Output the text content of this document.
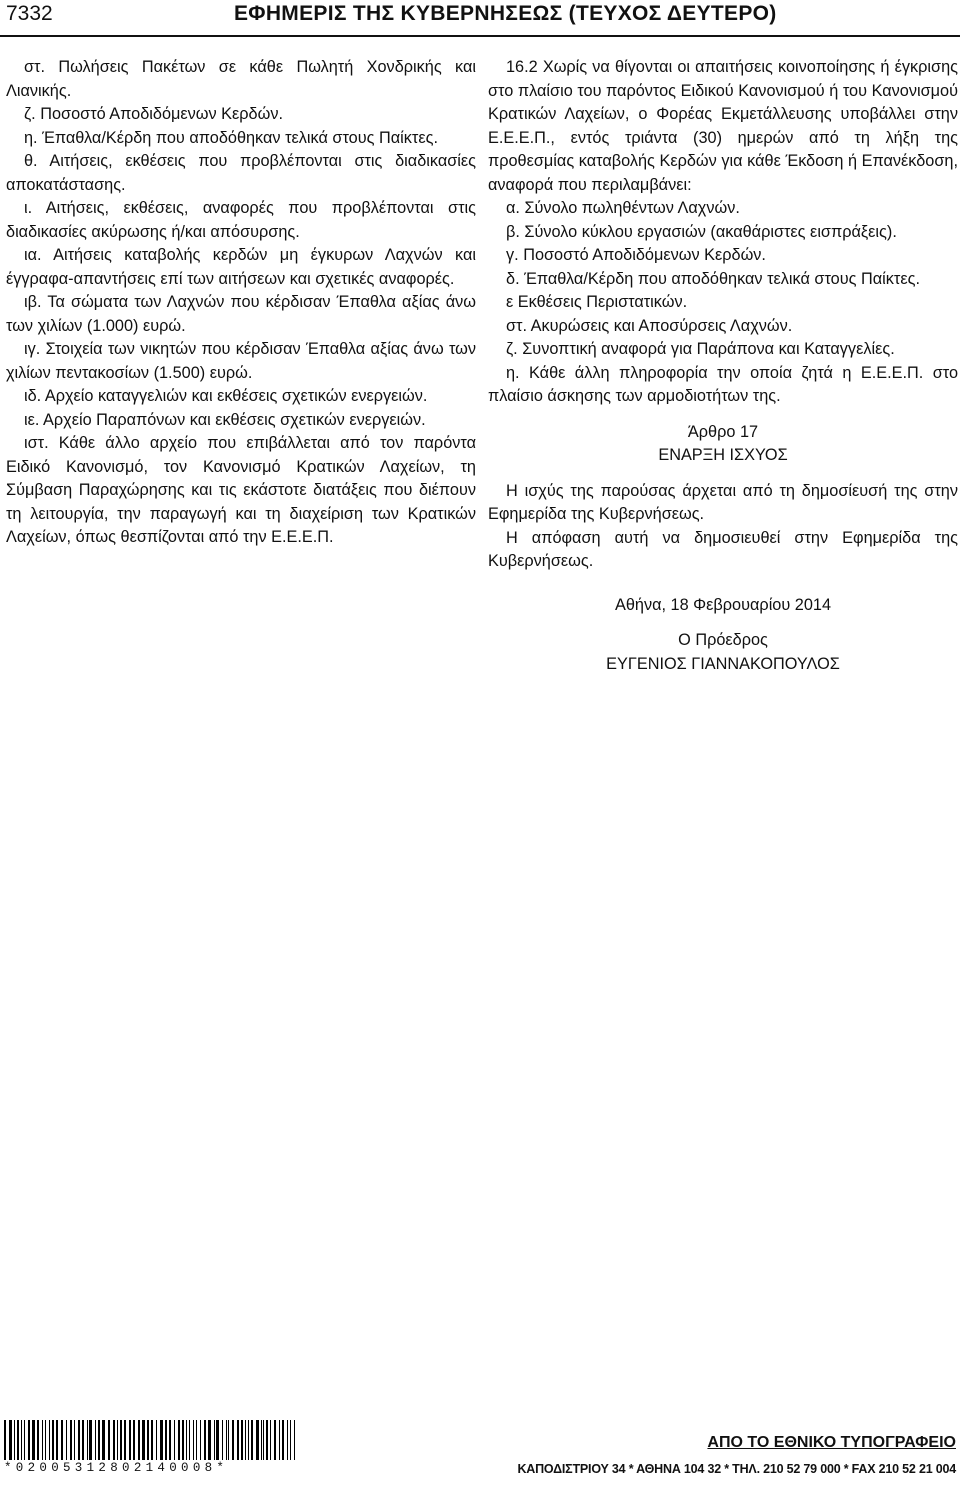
7332	ΕΦΗΜΕΡΙΣ ΤΗΣ ΚΥΒΕΡΝΗΣΕΩΣ (ΤΕΥΧΟΣ ΔΕΥΤΕΡΟ)

στ. Πωλήσεις Πακέτων σε κάθε Πωλητή Χονδρικής και Λιανικής.

ζ. Ποσοστό Αποδιδόμενων Κερδών.

η. Έπαθλα/Κέρδη που αποδόθηκαν τελικά στους Παίκτες.

θ. Αιτήσεις, εκθέσεις που προβλέπονται στις διαδικασίες αποκατάστασης.

ι. Αιτήσεις, εκθέσεις, αναφορές που προβλέπονται στις διαδικασίες ακύρωσης ή/και απόσυρσης.

ια. Αιτήσεις καταβολής κερδών μη έγκυρων Λαχνών και έγγραφα-απαντήσεις επί των αιτήσεων και σχετικές αναφορές.

ιβ. Τα σώματα των Λαχνών που κέρδισαν Έπαθλα αξίας άνω των χιλίων (1.000) ευρώ.

ιγ. Στοιχεία των νικητών που κέρδισαν Έπαθλα αξίας άνω των χιλίων πεντακοσίων (1.500) ευρώ.

ιδ. Αρχείο καταγγελιών και εκθέσεις σχετικών ενεργειών.

ιε. Αρχείο Παραπόνων και εκθέσεις σχετικών ενεργειών.

ιστ. Κάθε άλλο αρχείο που επιβάλλεται από τον παρόντα Ειδικό Κανονισμό, τον Κανονισμό Κρατικών Λαχείων, τη Σύμβαση Παραχώρησης και τις εκάστοτε διατάξεις που διέπουν τη λειτουργία, την παραγωγή και τη διαχείριση των Κρατικών Λαχείων, όπως θεσπίζονται από την Ε.Ε.Ε.Π.

16.2 Χωρίς να θίγονται οι απαιτήσεις κοινοποίησης ή έγκρισης στο πλαίσιο του παρόντος Ειδικού Κανονισμού ή του Κανονισμού Κρατικών Λαχείων, ο Φορέας Εκμετάλλευσης υποβάλλει στην Ε.Ε.Ε.Π., εντός τριάντα (30) ημερών από τη λήξη της προθεσμίας καταβολής Κερδών για κάθε Έκδοση ή Επανέκδοση, αναφορά που περιλαμβάνει:

α. Σύνολο πωληθέντων Λαχνών.

β. Σύνολο κύκλου εργασιών (ακαθάριστες εισπράξεις).

γ. Ποσοστό Αποδιδόμενων Κερδών.

δ. Έπαθλα/Κέρδη που αποδόθηκαν τελικά στους Παίκτες.

ε Εκθέσεις Περιστατικών.

στ. Ακυρώσεις και Αποσύρσεις Λαχνών.

ζ. Συνοπτική αναφορά για Παράπονα και Καταγγελίες.

η. Κάθε άλλη πληροφορία την οποία ζητά η Ε.Ε.Ε.Π. στο πλαίσιο άσκησης των αρμοδιοτήτων της.

Άρθρο 17

ΕΝΑΡΞΗ ΙΣΧΥΟΣ

Η ισχύς της παρούσας άρχεται από τη δημοσίευσή της στην Εφημερίδα της Κυβερνήσεως.

Η απόφαση αυτή να δημοσιευθεί στην Εφημερίδα της Κυβερνήσεως.

Αθήνα, 18 Φεβρουαρίου 2014

Ο Πρόεδρος

ΕΥΓΕΝΙΟΣ ΓΙΑΝΝΑΚΟΠΟΥΛΟΣ

*02005312802140008*
ΑΠΟ ΤΟ ΕΘΝΙΚΟ ΤΥΠΟΓΡΑΦΕΙΟ
ΚΑΠΟΔΙΣΤΡΙΟΥ 34 * ΑΘΗΝΑ 104 32 * ΤΗΛ. 210 52 79 000 * FAX 210 52 21 004
